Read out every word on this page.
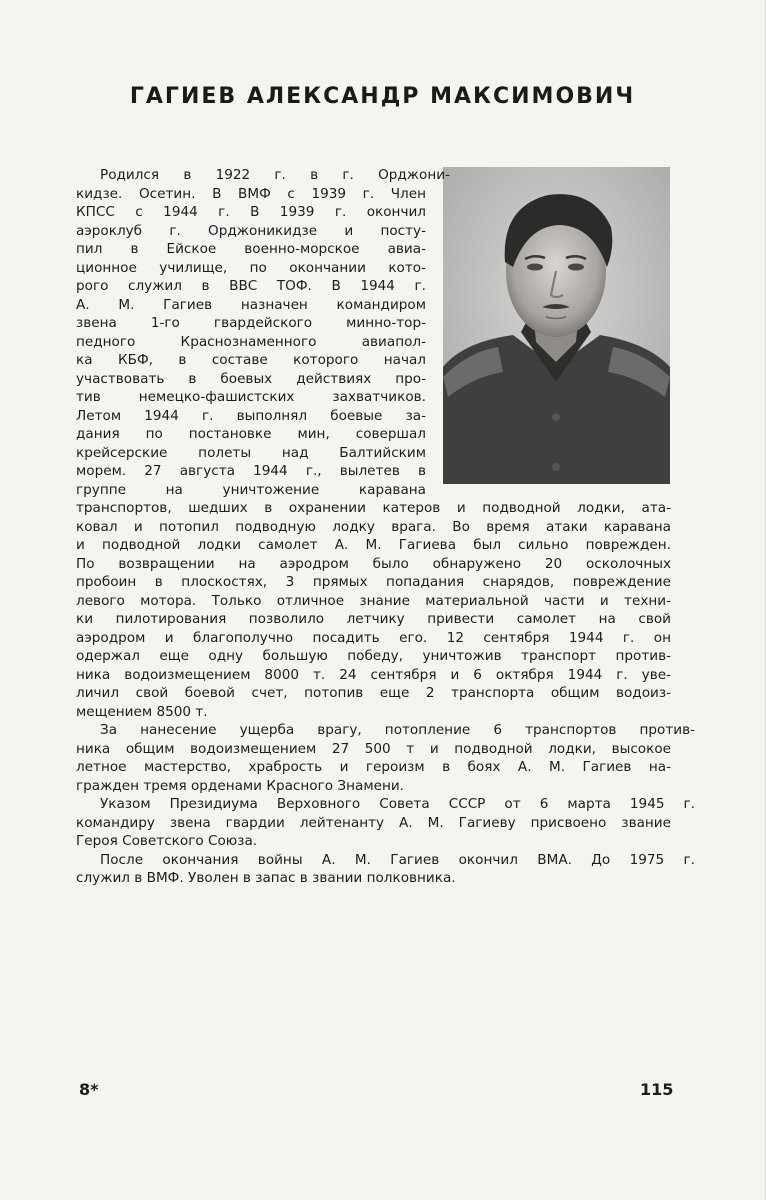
ГАГИЕВ АЛЕКСАНДР МАКСИМОВИЧ
Родился в 1922 г. в г. Орджони-
кидзе. Осетин. В ВМФ с 1939 г. Член
КПСС с 1944 г. В 1939 г. окончил
аэроклуб г. Орджоникидзе и посту-
пил в Ейское военно-морское авиа-
ционное училище, по окончании кото-
рого служил в ВВС ТОФ. В 1944 г.
А. М. Гагиев назначен командиром
звена 1-го гвардейского минно-тор-
педного Краснознаменного авиапол-
ка КБФ, в составе которого начал
участвовать в боевых действиях про-
тив немецко-фашистских захватчиков.
Летом 1944 г. выполнял боевые за-
дания по постановке мин, совершал
крейсерские полеты над Балтийским
морем. 27 августа 1944 г., вылетев в
группе на уничтожение каравана
транспортов, шедших в охранении катеров и подводной лодки, ата-
ковал и потопил подводную лодку врага. Во время атаки каравана
и подводной лодки самолет А. М. Гагиева был сильно поврежден.
По возвращении на аэродром было обнаружено 20 осколочных
пробоин в плоскостях, 3 прямых попадания снарядов, повреждение
левого мотора. Только отличное знание материальной части и техни-
ки пилотирования позволило летчику привести самолет на свой
аэродром и благополучно посадить его. 12 сентября 1944 г. он
одержал еще одну большую победу, уничтожив транспорт против-
ника водоизмещением 8000 т. 24 сентября и 6 октября 1944 г. уве-
личил свой боевой счет, потопив еще 2 транспорта общим водоиз-
мещением 8500 т.
За нанесение ущерба врагу, потопление 6 транспортов против-
ника общим водоизмещением 27 500 т и подводной лодки, высокое
летное мастерство, храбрость и героизм в боях А. М. Гагиев на-
гражден тремя орденами Красного Знамени.
Указом Президиума Верховного Совета СССР от 6 марта 1945 г.
командиру звена гвардии лейтенанту А. М. Гагиеву присвоено звание
Героя Советского Союза.
После окончания войны А. М. Гагиев окончил ВМА. До 1975 г.
служил в ВМФ. Уволен в запас в звании полковника.
8*	115
